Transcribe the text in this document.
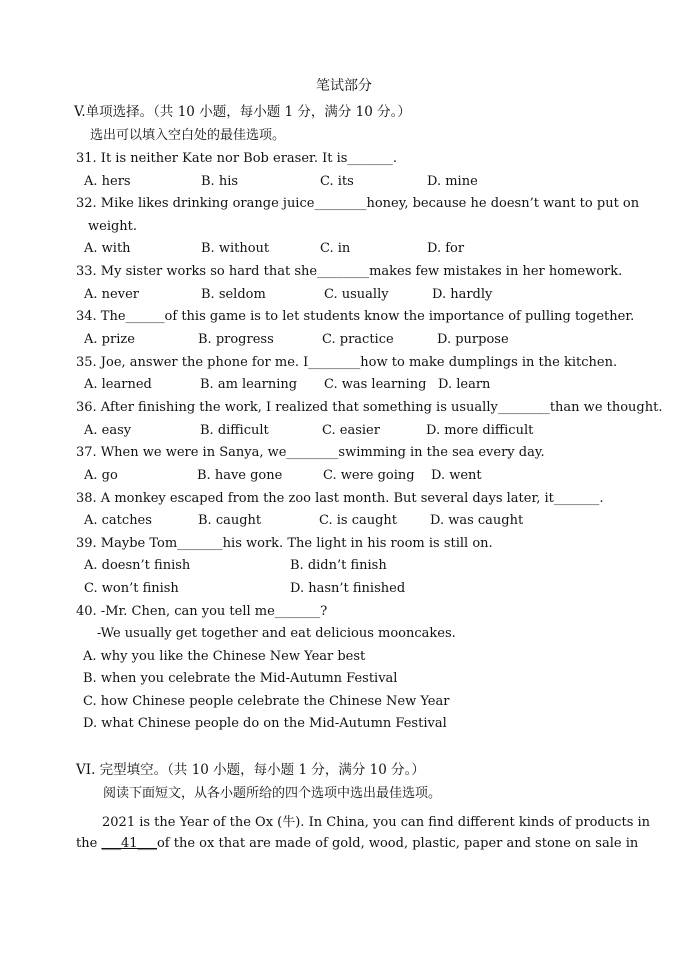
笔试部分
V.单项选择。（共 10 小题，每小题 1 分，满分 10 分。）
选出可以填入空白处的最佳选项。
31. It is neither Kate nor Bob eraser. It is_______.
A. hers	B. his	C. its	D. mine
32. Mike likes drinking orange juice________honey, because he doesn’t want to put on
weight.
A. with	B. without	C. in	D. for
33. My sister works so hard that she________makes few mistakes in her homework.
A. never	B. seldom	C. usually	D. hardly
34. The______of this game is to let students know the importance of pulling together.
A. prize	B. progress	C. practice	D. purpose
35. Joe, answer the phone for me. I________how to make dumplings in the kitchen.
A. learned	B. am learning C. was learning D. learn
36. After finishing the work, I realized that something is usually________than we thought.
A. easy	B. difficult	C. easier	D. more difficult
37. When we were in Sanya, we________swimming in the sea every day.
A. go	B. have gone	C. were going D. went
38. A monkey escaped from the zoo last month. But several days later, it_______.
A. catches	B. caught	C. is caught	D. was caught
39. Maybe Tom_______his work. The light in his room is still on.
A. doesn’t finish	B. didn’t finish
C. won’t finish	D. hasn’t finished
40. -Mr. Chen, can you tell me_______?
-We usually get together and eat delicious mooncakes.
A. why you like the Chinese New Year best
B. when you celebrate the Mid-Autumn Festival
C. how Chinese people celebrate the Chinese New Year
D. what Chinese people do on the Mid-Autumn Festival
VI. 完型填空。（共 10 小题，每小题 1 分，满分 10 分。）
阅读下面短文，从各小题所给的四个选项中选出最佳选项。
2021 is the Year of the Ox (牛). In China, you can find different kinds of products in
the ___41___of the ox that are made of gold, wood, plastic, paper and stone on sale in
